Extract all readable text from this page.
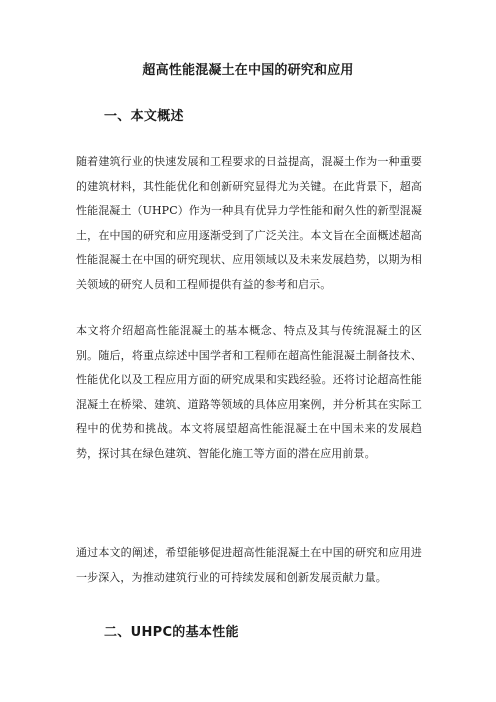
超高性能混凝土在中国的研究和应用
一、本文概述
随着建筑行业的快速发展和工程要求的日益提高，混凝土作为一种重要的建筑材料，其性能优化和创新研究显得尤为关键。在此背景下，超高性能混凝土（UHPC）作为一种具有优异力学性能和耐久性的新型混凝土，在中国的研究和应用逐渐受到了广泛关注。本文旨在全面概述超高性能混凝土在中国的研究现状、应用领域以及未来发展趋势，以期为相关领域的研究人员和工程师提供有益的参考和启示。
本文将介绍超高性能混凝土的基本概念、特点及其与传统混凝土的区别。随后，将重点综述中国学者和工程师在超高性能混凝土制备技术、性能优化以及工程应用方面的研究成果和实践经验。还将讨论超高性能混凝土在桥梁、建筑、道路等领域的具体应用案例，并分析其在实际工程中的优势和挑战。本文将展望超高性能混凝土在中国未来的发展趋势，探讨其在绿色建筑、智能化施工等方面的潜在应用前景。
通过本文的阐述，希望能够促进超高性能混凝土在中国的研究和应用进一步深入，为推动建筑行业的可持续发展和创新发展贡献力量。
二、UHPC的基本性能
